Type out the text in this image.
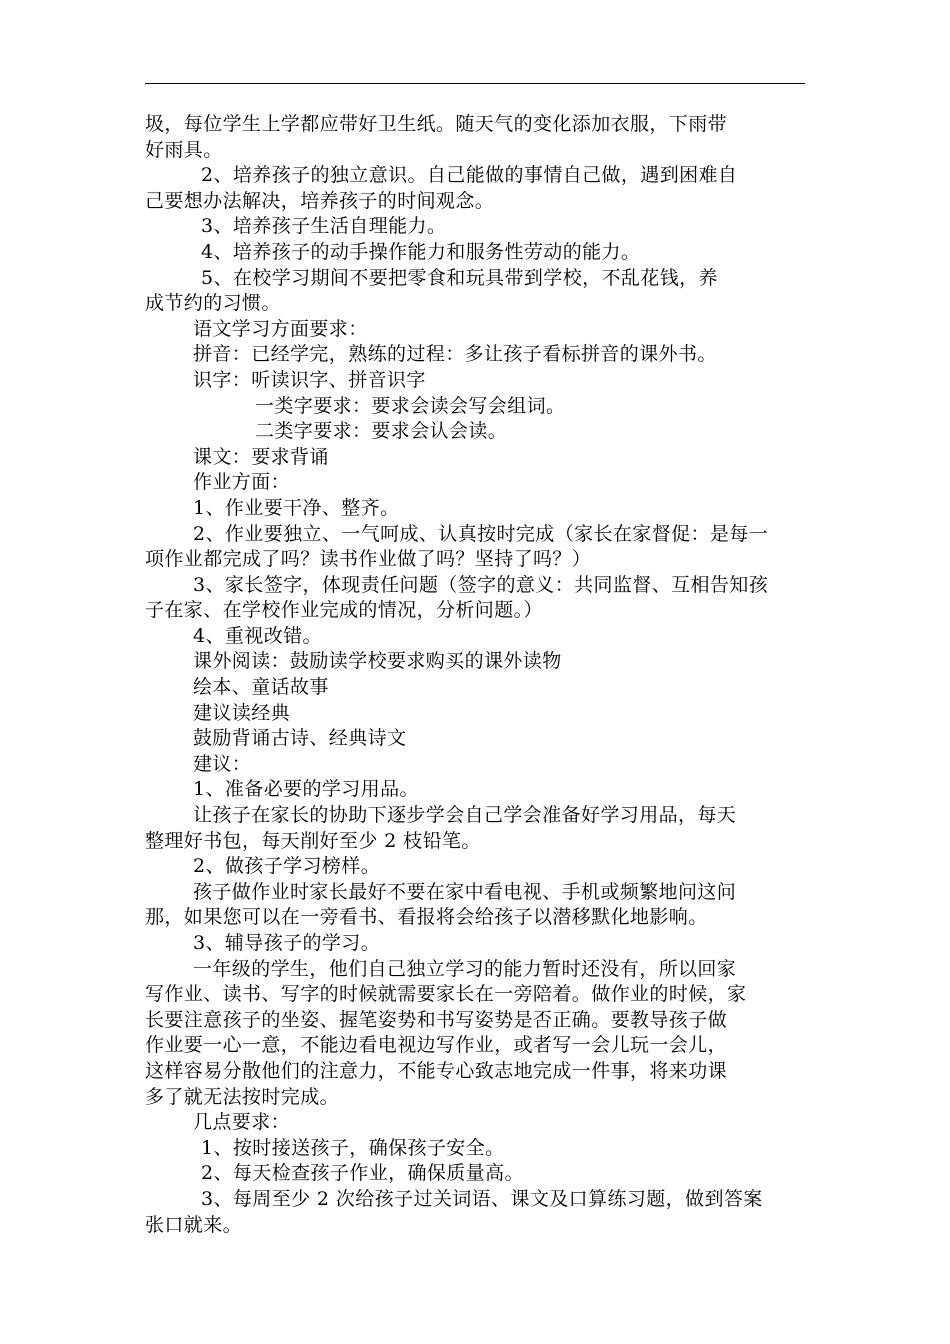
圾，每位学生上学都应带好卫生纸。随天气的变化添加衣服，下雨带
好雨具。
2、培养孩子的独立意识。自己能做的事情自己做，遇到困难自
己要想办法解决，培养孩子的时间观念。
3、培养孩子生活自理能力。
4、培养孩子的动手操作能力和服务性劳动的能力。
5、在校学习期间不要把零食和玩具带到学校，不乱花钱，养
成节约的习惯。
语文学习方面要求：
拼音：已经学完，熟练的过程：多让孩子看标拼音的课外书。
识字：听读识字、拼音识字
一类字要求：要求会读会写会组词。
二类字要求：要求会认会读。
课文：要求背诵
作业方面：
1、作业要干净、整齐。
2、作业要独立、一气呵成、认真按时完成（家长在家督促：是每一
项作业都完成了吗？读书作业做了吗？坚持了吗？）
3、家长签字，体现责任问题（签字的意义：共同监督、互相告知孩
子在家、在学校作业完成的情况，分析问题。）
4、重视改错。
课外阅读：鼓励读学校要求购买的课外读物
绘本、童话故事
建议读经典
鼓励背诵古诗、经典诗文
建议：
1、准备必要的学习用品。
让孩子在家长的协助下逐步学会自己学会准备好学习用品，每天
整理好书包，每天削好至少 2 枝铅笔。
2、做孩子学习榜样。
孩子做作业时家长最好不要在家中看电视、手机或频繁地问这问
那，如果您可以在一旁看书、看报将会给孩子以潜移默化地影响。
3、辅导孩子的学习。
一年级的学生，他们自己独立学习的能力暂时还没有，所以回家
写作业、读书、写字的时候就需要家长在一旁陪着。做作业的时候，家
长要注意孩子的坐姿、握笔姿势和书写姿势是否正确。要教导孩子做
作业要一心一意，不能边看电视边写作业，或者写一会儿玩一会儿，
这样容易分散他们的注意力，不能专心致志地完成一件事，将来功课
多了就无法按时完成。
几点要求：
1、按时接送孩子，确保孩子安全。
2、每天检查孩子作业，确保质量高。
3、每周至少 2 次给孩子过关词语、课文及口算练习题，做到答案
张口就来。
